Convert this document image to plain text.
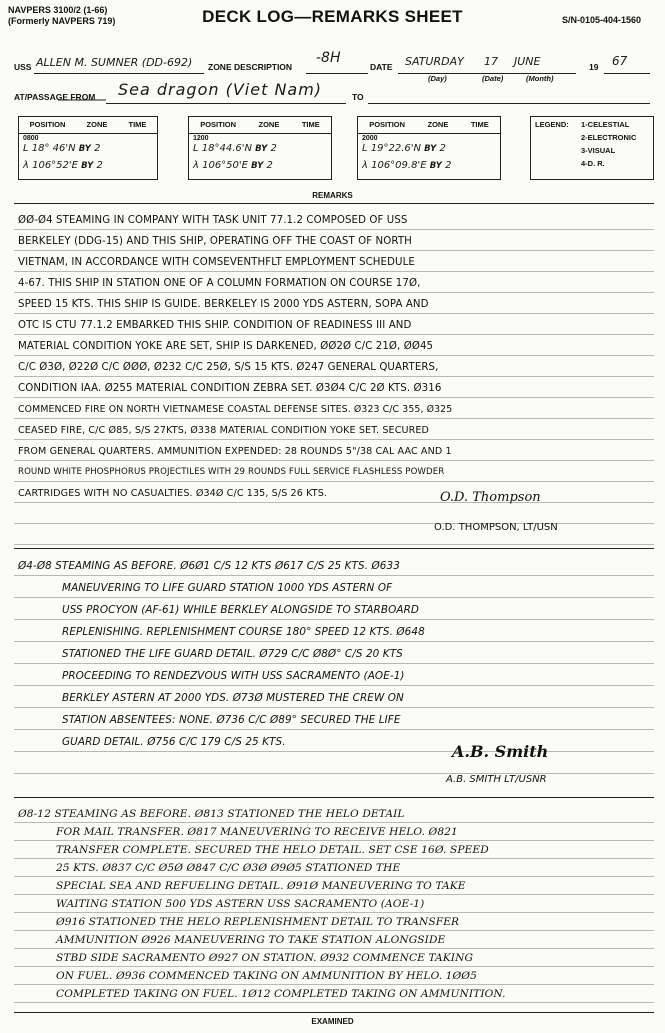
NAVPERS 3100/2 (1-66)
(Formerly NAVPERS 719)	DECK LOG—REMARKS SHEET	S/N-0105-404-1560
USS ALLEN M. SUMNER (DD-692) ZONE DESCRIPTION
-8H
DATE SATURDAY 17 JUNE	19 67
(Day)	(Date)	(Month)
AT/PASSAGE FROM Sea dragon (Viet Nam)	TO
POSITION	ZONE	TIME
0800
L 18° 46'N BY 2
λ 106°52'E BY 2
POSITION	ZONE	TIME
1200
L 18°44.6'N BY 2
λ 106°50'E BY 2
POSITION	ZONE	TIME
2000
L 19°22.6'N BY 2
λ 106°09.8'E BY 2
LEGEND: 1-CELESTIAL
2-ELECTRONIC
3-VISUAL
4-D. R.
REMARKS
ØØ-Ø4 STEAMING IN COMPANY WITH TASK UNIT 77.1.2 COMPOSED OF USS
BERKELEY (DDG-15) AND THIS SHIP, OPERATING OFF THE COAST OF NORTH
VIETNAM, IN ACCORDANCE WITH COMSEVENTHFLT EMPLOYMENT SCHEDULE
4-67. THIS SHIP IN STATION ONE OF A COLUMN FORMATION ON COURSE 17Ø,
SPEED 15 KTS. THIS SHIP IS GUIDE. BERKELEY IS 2000 YDS ASTERN, SOPA AND
OTC IS CTU 77.1.2 EMBARKED THIS SHIP. CONDITION OF READINESS III AND
MATERIAL CONDITION YOKE ARE SET, SHIP IS DARKENED, ØØ2Ø C/C 21Ø, ØØ45
C/C Ø3Ø, Ø22Ø C/C ØØØ, Ø232 C/C 25Ø, S/S 15 KTS. Ø247 GENERAL QUARTERS,
CONDITION IAA. Ø255 MATERIAL CONDITION ZEBRA SET. Ø3Ø4 C/C 2Ø KTS. Ø316
COMMENCED FIRE ON NORTH VIETNAMESE COASTAL DEFENSE SITES. Ø323 C/C 355, Ø325
CEASED FIRE, C/C Ø85, S/S 27KTS, Ø338 MATERIAL CONDITION YOKE SET. SECURED
FROM GENERAL QUARTERS. AMMUNITION EXPENDED: 28 ROUNDS 5"/38 CAL AAC AND 1
ROUND WHITE PHOSPHORUS PROJECTILES WITH 29 ROUNDS FULL SERVICE FLASHLESS POWDER
CARTRIDGES WITH NO CASUALTIES. Ø34Ø C/C 135, S/S 26 KTS.	O.D. Thompson
O.D. THOMPSON, LT/USN
Ø4-Ø8 STEAMING AS BEFORE. Ø6Ø1 C/S 12 KTS Ø617 C/S 25 KTS. Ø633
MANEUVERING TO LIFE GUARD STATION 1000 YDS ASTERN OF
USS PROCYON (AF-61) WHILE BERKLEY ALONGSIDE TO STARBOARD
REPLENISHING. REPLENISHMENT COURSE 180° SPEED 12 KTS. Ø648
STATIONED THE LIFE GUARD DETAIL. Ø729 C/C Ø8Ø° C/S 20 KTS
PROCEEDING TO RENDEZVOUS WITH USS SACRAMENTO (AOE-1)
BERKLEY ASTERN AT 2000 YDS. Ø73Ø MUSTERED THE CREW ON
STATION ABSENTEES: NONE. Ø736 C/C Ø89° SECURED THE LIFE
GUARD DETAIL. Ø756 C/C 179 C/S 25 KTS.	A.B. Smith
A.B. SMITH LT/USNR
Ø8-12 STEAMING AS BEFORE. Ø813 STATIONED THE HELO DETAIL
FOR MAIL TRANSFER. Ø817 MANEUVERING TO RECEIVE HELO. Ø821
TRANSFER COMPLETE. SECURED THE HELO DETAIL. SET CSE 16Ø. SPEED
25 KTS. Ø837 C/C Ø5Ø Ø847 C/C Ø3Ø Ø9Ø5 STATIONED THE
SPECIAL SEA AND REFUELING DETAIL. Ø91Ø MANEUVERING TO TAKE
WAITING STATION 500 YDS ASTERN USS SACRAMENTO (AOE-1)
Ø916 STATIONED THE HELO REPLENISHMENT DETAIL TO TRANSFER
AMMUNITION Ø926 MANEUVERING TO TAKE STATION ALONGSIDE
STBD SIDE SACRAMENTO Ø927 ON STATION. Ø932 COMMENCE TAKING
ON FUEL. Ø936 COMMENCED TAKING ON AMMUNITION BY HELO. 1ØØ5
COMPLETED TAKING ON FUEL. 1Ø12 COMPLETED TAKING ON AMMUNITION.
EXAMINED
